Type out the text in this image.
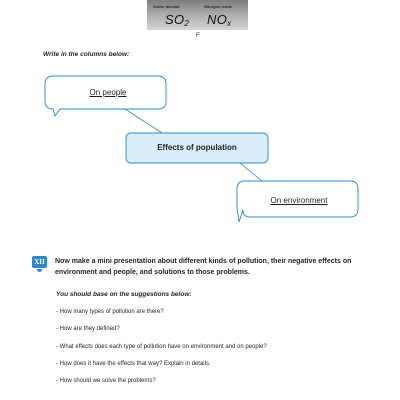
Sulfur dioxide	Nitrogen oxide
$SO_2$ $NO_x$
F
Write in the columns below:
On people
Effects of population
On environment
XII	Now make a mini presentation about different kinds of pollution, their negative effects on environment and people, and solutions to those problems.
You should base on the suggestions below:
- How many types of pollution are there?
- How are they defined?
- What effects does each type of pollution have on environment and on people?
- How does it have the effects that way? Explain in details.
- How should we solve the problems?
